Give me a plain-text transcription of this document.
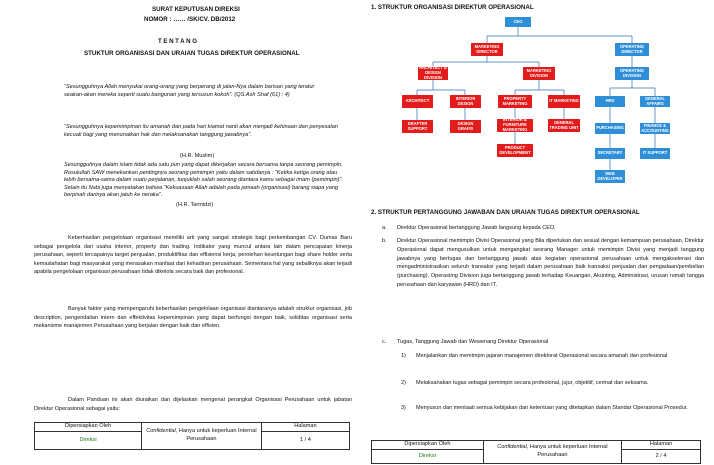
SURAT KEPUTUSAN DIREKSI
NOMOR : …… /SK/CV. DB/2012
TENTANG
STUKTUR ORGANISASI DAN URAIAN TUGAS DIREKTUR OPERASIONAL
“Sesungguhnya Allah menyukai orang-orang yang berperang di jalan-Nya dalam barisan yang teratur seakan-akan mereka seperti suatu bangunan yang tersusun kokoh”. (QS.Ash Shaf (61) : 4)
“Sesungguhnya kepemimpinan itu amanah dan pada hari kiamat nanti akan menjadi kehinaan dan penyesalan kecuali bagi yang menunaikan hak dan melaksanakan tanggung jawabnya”.
(H.R. Muslim)
Sesungguhnya dalam islam tidak ada satu pun yang dapat dikerjakan secara bersama tanpa seorang pemimpin. Rosulullah SAW menekankan pentingnya seorang pemimpin yaitu dalam sabdanya : “Ketika ketiga orang atau lebih bersama-sama dalam suatu perjalanan, tunjuklah salah seorang diantara kamu sebagai imam (pemimpin)”. Selain itu Nabi juga menyatakan bahwa “Kekuasaan Allah adalah pada jamaah (organisasi) barang siapa yang berpisah darinya akan jatuh ke neraka”.
(H.R. Tarmidzi)
Keberhasilan pengelolaan organisasi memiliki arti yang sangat strategis bagi perkembangan CV. Dumas Baru sebagai pengelola dari usaha interior, property dan trading. Indikator yang muncul antara lain dalam pencapaian kinerja perusahaan, seperti tercapainya target penjualan, produktifitas dan effisiensi kerja, perolehan keuntungan bagi share holder serta kemaslahatan bagi masyarakat yang merasakan manfaat dari kehadiran perusahaan. Sementara hal yang sebaliknya akan terjadi apabila pengelolaan organisasi perusahaan tidak dikelola secara baik dan profesional.
Banyak faktor yang mempengaruhi keberhasilan pengelolaan organisasi diantaranya adalah struktur organisasi, job description, pengendalian intern dan effektivitas kepemimpinan yang dapat berfungsi dengan baik, soliditas organisasi serta mekanisme manajemen Perusahaan yang berjalan dengan baik dan effisien.
Dalam Panduan ini akan diuraikan dan dijelaskan mengenai perangkat Organisasi Perusahaan untuk jabatan Direktur Operasional sebagai yaitu:
Dipersiapkan Oleh	Confidential, Hanya untuk keperluan Internal Perusahaan	Halaman
Direksi		1 / 4
1. STRUKTUR ORGANISASI DIREKTUR OPERASIONAL
CEO
MARKETING DIRECTOR
OPERATING DIRECTOR
ARCHITECT & DESIGN DIVISION
MARKETING DIVISION
OPERATING DIVISION
ARCHITECT	INTERIOR DESIGN
DRAFTER SUPPORT
DESIGN GRAFIS
PROPERTY MARKETING	IT MARKETING
INTERIOR & FURNITURE MARKETING
GENERAL TRADING UNIT
PRODUCT DEVELOPMENT
HRD	GENERAL AFFAIRS
PURCHASING	FINANCE & ACCOUNTING
SECRETARY	IT SUPPORT
WEB DEVELOPER
2. STRUKTUR PERTANGGUNG JAWABAN DAN URAIAN TUGAS DIREKTUR OPERASIONAL
a.	Direktur Operasional bertanggung Jawab langsung kepada CEO.
b.	Direktur Operasional memimpin Divisi Operasional yang Bila diperlukan dan sesual dengan kemampuan perusahaan, Direktur Operasional dapat mengusulkan untuk mengangkat seorang Manager untuk memimpin Divisi yang menjadi tanggung jawabnya yang bertugas dan bertanggung jawab atas kegiatan operasional perusahaan untuk mengakselerasi dan mengadministrasikan seluruh transaksi yang terjadi dalam perusahaan baik transaksi penjualan dan pengadaan/pembelian (purchasing). Operasting Division juga bertanggung jawab terhadap Keuangan, Akunting, Administrasi, urusan rumah tangga perusahaan dan karyawan (HRD) dan IT.
c.	Tugas, Tanggung Jawab dan Wewenang Direktur Operasional
1)	Menjalankan dan memimpin jajaran manajemen direktorat Operasional secara amanah dan profesional
2)	Melaksanakan tugas sebagai pemimpin secara profesional, jujur, objektif, cermat dan seksama.
3)	Menyusun dan mentaati semua kebijakan dan ketentuan yang ditetapkan dalam Standar Operasional Prosedur.
Dipersiapkan Oleh	Confidential, Hanya untuk keperluan Internal Perusahaan	Halaman
Direksi		2 / 4
